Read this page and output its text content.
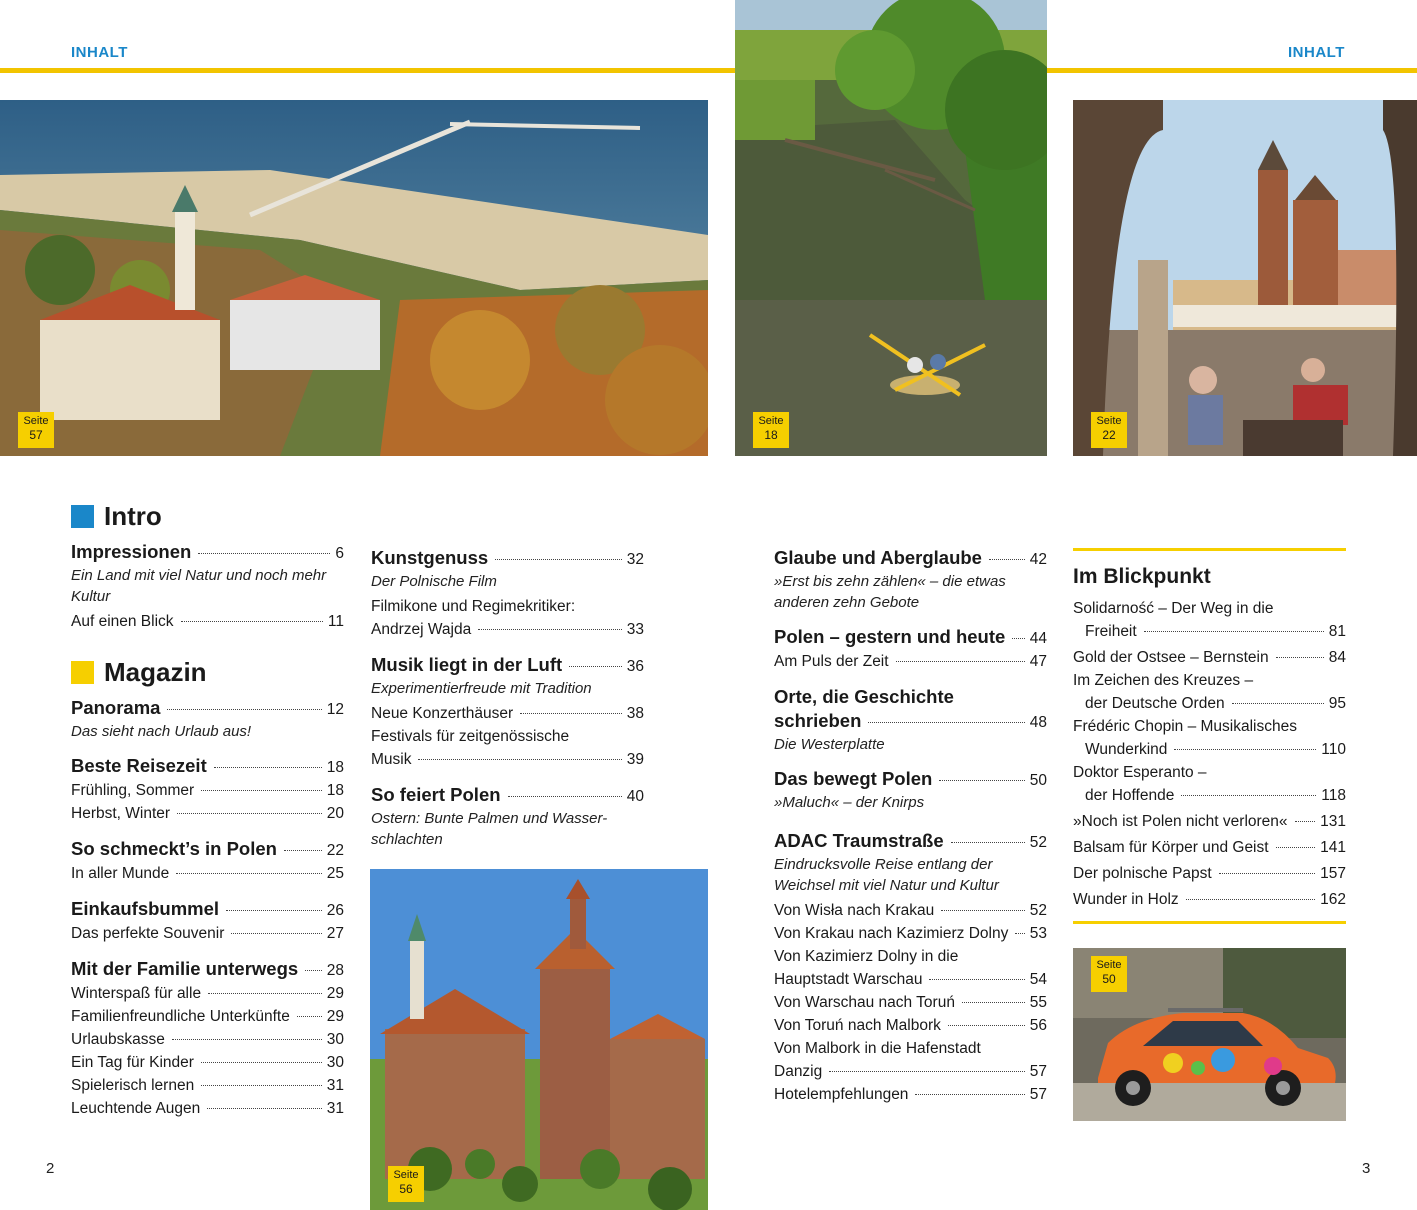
INHALT	INHALT
Seite
57
Seite
18
Seite
22
Seite
56
Seite
50
Intro
Impressionen	6
Ein Land mit viel Natur und noch mehr Kultur
Auf einen Blick	11
Magazin
Panorama	12
Das sieht nach Urlaub aus!
Beste Reisezeit	18
Frühling, Sommer	18
Herbst, Winter	20
So schmeckt’s in Polen	22
In aller Munde	25
Einkaufsbummel	26
Das perfekte Souvenir	27
Mit der Familie unterwegs 28
Winterspaß für alle	29
Familienfreundliche Unterkünfte 29
Urlaubskasse	30
Ein Tag für Kinder	30
Spielerisch lernen	31
Leuchtende Augen	31
Kunstgenuss	32
Der Polnische Film
Filmikone und Regimekritiker:
Andrzej Wajda	33
Musik liegt in der Luft	36
Experimentierfreude mit Tradition
Neue Konzerthäuser	38
Festivals für zeitgenössische
Musik	39
So feiert Polen	40
Ostern: Bunte Palmen und Wasser-
schlachten
Glaube und Aberglaube	42
»Erst bis zehn zählen« – die etwas
anderen zehn Gebote
Polen – gestern und heute 44
Am Puls der Zeit	47
Orte, die Geschichte
schrieben	48
Die Westerplatte
Das bewegt Polen	50
»Maluch« – der Knirps
ADAC Traumstraße	52
Eindrucksvolle Reise entlang der
Weichsel mit viel Natur und Kultur
Von Wisła nach Krakau	52
Von Krakau nach Kazimierz Dolny 53
Von Kazimierz Dolny in die
Hauptstadt Warschau	54
Von Warschau nach Toruń	55
Von Toruń nach Malbork	56
Von Malbork in die Hafenstadt
Danzig	57
Hotelempfehlungen	57
Im Blickpunkt
Solidarność – Der Weg in die
Freiheit	81
Gold der Ostsee – Bernstein	84
Im Zeichen des Kreuzes –
der Deutsche Orden	95
Frédéric Chopin – Musikalisches
Wunderkind	110
Doktor Esperanto –
der Hoffende	118
»Noch ist Polen nicht verloren« 131
Balsam für Körper und Geist	141
Der polnische Papst	157
Wunder in Holz	162
2	3
